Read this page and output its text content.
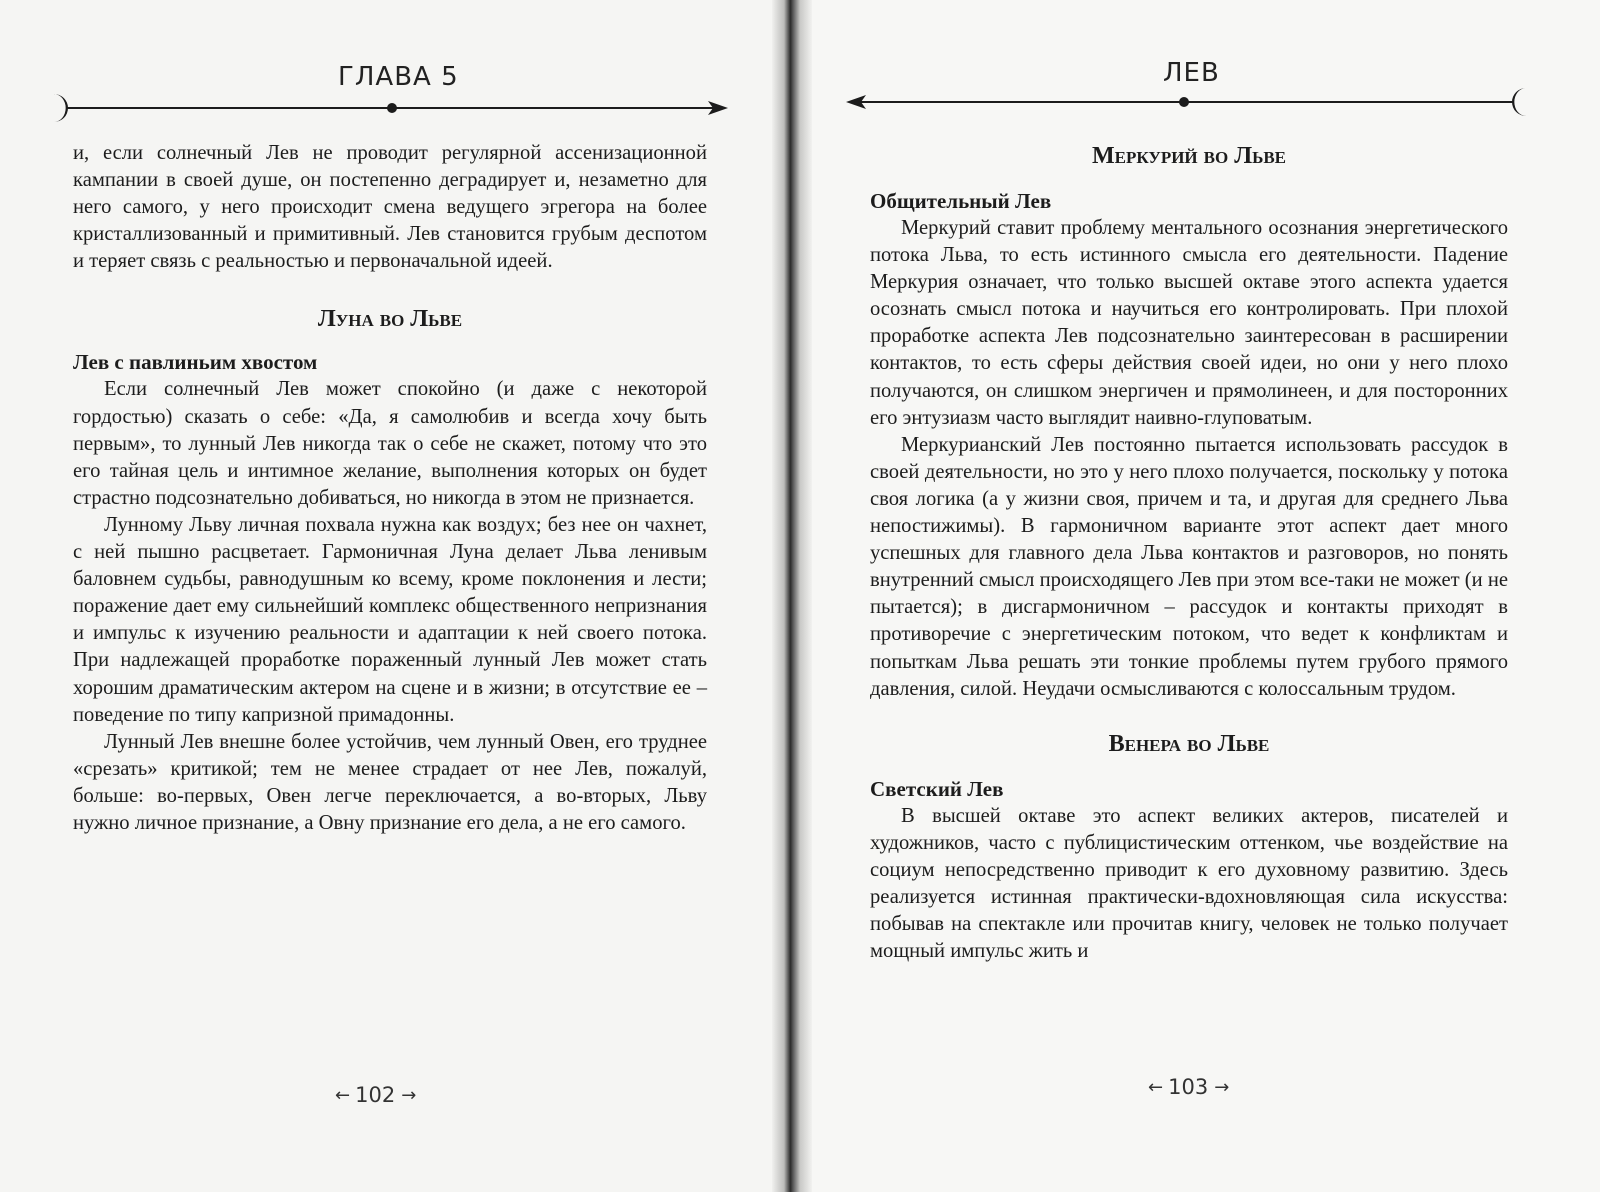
ГЛАВА 5

и, если солнечный Лев не проводит регулярной ассенизационной кампании в своей душе, он постепенно деградирует и, незаметно для него самого, у него происходит смена ведущего эгрегора на более кристаллизованный и примитивный. Лев становится грубым деспотом и теряет связь с реальностью и первоначальной идеей.

Луна во Льве

Лев с павлиньим хвостом

Если солнечный Лев может спокойно (и даже с некоторой гордостью) сказать о себе: «Да, я самолюбив и всегда хочу быть первым», то лунный Лев никогда так о себе не скажет, потому что это его тайная цель и интимное желание, выполнения которых он будет страстно подсознательно добиваться, но никогда в этом не признается.

Лунному Льву личная похвала нужна как воздух; без нее он чахнет, с ней пышно расцветает. Гармоничная Луна делает Льва ленивым баловнем судьбы, равнодушным ко всему, кроме поклонения и лести; поражение дает ему сильнейший комплекс общественного непризнания и импульс к изучению реальности и адаптации к ней своего потока. При надлежащей проработке пораженный лунный Лев может стать хорошим драматическим актером на сцене и в жизни; в отсутствие ее – поведение по типу капризной примадонны.

Лунный Лев внешне более устойчив, чем лунный Овен, его труднее «срезать» критикой; тем не менее страдает от нее Лев, пожалуй, больше: во-первых, Овен легче переключается, а во-вторых, Льву нужно личное признание, а Овну признание его дела, а не его самого.

← 102 →
ЛЕВ
Меркурий во Льве

Общительный Лев

Меркурий ставит проблему ментального осознания энергетического потока Льва, то есть истинного смысла его деятельности. Падение Меркурия означает, что только высшей октаве этого аспекта удается осознать смысл потока и научиться его контролировать. При плохой проработке аспекта Лев подсознательно заинтересован в расширении контактов, то есть сферы действия своей идеи, но они у него плохо получаются, он слишком энергичен и прямолинеен, и для посторонних его энтузиазм часто выглядит наивно-глуповатым.

Меркурианский Лев постоянно пытается использовать рассудок в своей деятельности, но это у него плохо получается, поскольку у потока своя логика (а у жизни своя, причем и та, и другая для среднего Льва непостижимы). В гармоничном варианте этот аспект дает много успешных для главного дела Льва контактов и разговоров, но понять внутренний смысл происходящего Лев при этом все-таки не может (и не пытается); в дисгармоничном – рассудок и контакты приходят в противоречие с энергетическим потоком, что ведет к конфликтам и попыткам Льва решать эти тонкие проблемы путем грубого прямого давления, силой. Неудачи осмысливаются с колоссальным трудом.

Венера во Льве

Светский Лев

В высшей октаве это аспект великих актеров, писателей и художников, часто с публицистическим оттенком, чье воздействие на социум непосредственно приводит к его духовному развитию. Здесь реализуется истинная практически-вдохновляющая сила искусства: побывав на спектакле или прочитав книгу, человек не только получает мощный импульс жить и

← 103 →
